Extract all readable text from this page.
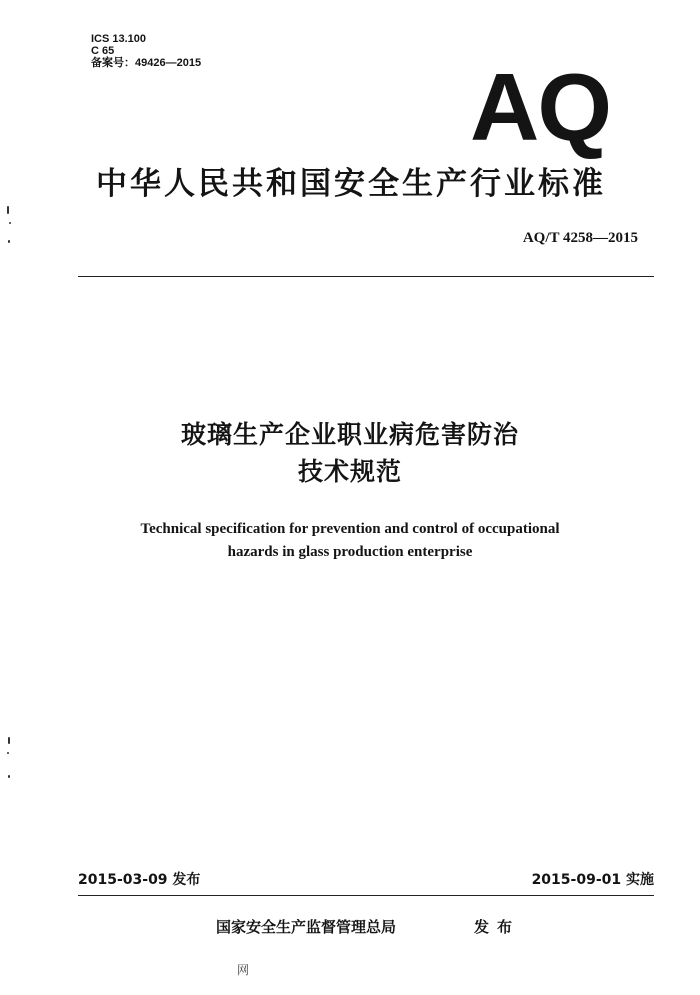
ICS 13.100
C 65
备案号：49426—2015	AQ
中华人民共和国安全生产行业标准
AQ/T 4258—2015
玻璃生产企业职业病危害防治
技术规范
Technical specification for prevention and control of occupational
hazards in glass production enterprise
2015-03-09 发布	2015-09-01 实施
国家安全生产监督管理总局	发布
网
